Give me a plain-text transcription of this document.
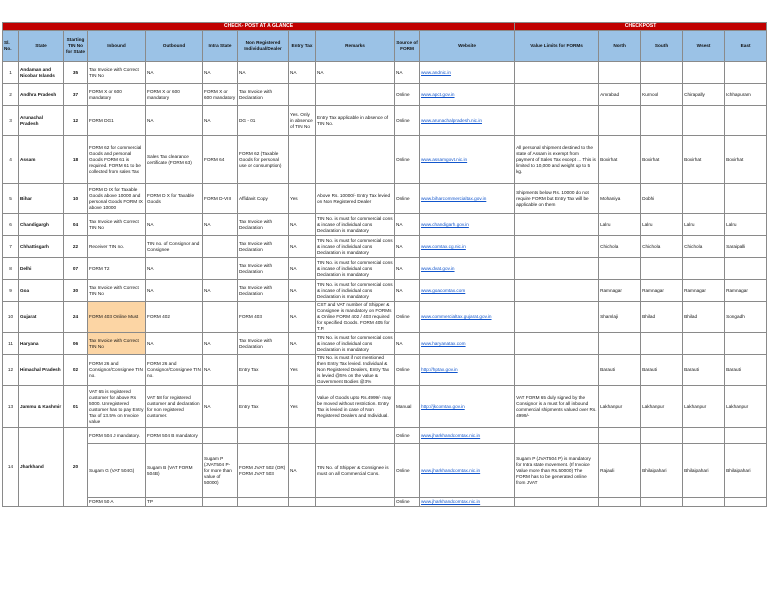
CHECK- POST AT A GLANCE											CHECKPOST				
Sl. No.	State	Starting TIN No for State	Inbound	Outbound	Intra State	Non Registered Individual/Dealer	Entry Tax	Remarks	Source of FORM	Website	Value Limits for FORMs	North	South	Wsest	East
1	Andaman and Nicobar Islands	35	Tax Invoice with Correct TIN No	NA	NA	NA	NA	NA	NA	www.andnic.in					
2	Andhra Pradesh	37	FORM X or 600 mandatory	FORM X or 600 mandatory	FORM X or 600 mandatory	Tax Invoice with Declaration			Online	www.apct.gov.in		Amrabad	Kurnool	Chirapally	Ichhapuram
3	Arunachal Pradesh	12	FORM DG1	NA	NA	DG - 01	Yes. Only in absence of TIN No	Entry Tax applicable in absence of TIN No.	Online	www.arunachalpradesh.nic.in					
4	Assam	18	FORM 62 for commercial Goods and personal Goods FORM 61 is required. FORM 61 to be collected from sales Tax	Sales Tax clearance certificate (FORM 63)	FORM 64	FORM 62 (Taxable Goods for personal use or consumption)			Online	www.assamgovt.nic.in	All personal shipment destined to the state of Assam is exempt from payment of Sales Tax except ... This is limited to 10,000 and weight up to 5 kg.	Boxirhat	Boxirhat	Boxirhat	Boxirhat
5	Bihar	10	FORM D IX for Taxable Goods above 10000 and personal Goods FORM IX above 10000	FORM D X for Taxable Goods	FORM D-VIII	Affidavit Copy	Yes	Above Rs. 10000/- Entry Tax levied on Non Registered Dealer	Online	www.biharcommercialtax.gov.in	Shipments below Rs. 10000 do not require FORM but Entry Tax will be applicable on them	Mohaniya	Dobhi		
6	Chandigargh	04	Tax Invoice with Correct TIN No	NA	NA	Tax Invoice with Declaration	NA	TIN No. is must for commercial cons & incase of individual cons Declaration is mandatory	NA	www.chandigarh.gov.in		Lalru	Lalru	Lalru	Lalru
7	Chhattisgarh	22	Receiver TIN no.	TIN no. of Consignor and Consignee		Tax Invoice with Declaration	NA	TIN No. is must for commercial cons & incase of individual cons Declaration is mandatory	NA	www.comtax.cg.nic.in		Chichola	Chichola	Chichola	Saraipalli
8	Delhi	07	FORM T2	NA		Tax Invoice with Declaration	NA	TIN No. is must for commercial cons & incase of individual cons Declaration is mandatory	NA	www.dvat.gov.in					
9	Goa	30	Tax Invoice with Correct TIN No	NA	NA	Tax Invoice with Declaration	NA	TIN No. is must for commercial cons & incase of individual cons Declaration is mandatory	NA	www.goacomtax.com		Ramnagar	Ramnagar	Ramnagar	Ramnagar
10	Gujarat	24	FORM 403 Online Must	FORM 402		FORM 403	NA	CST and VAT number of Shipper & Consignee is mandatory on FORMs & Online FORM 402 / 403 required for specified Goods. FORM 405 for T.P.	Online	www.commercialtax.gujarat.gov.in		Shamlaji	Bhilad	Bhilad	Songadh
11	Haryana	06	Tax Invoice with Correct TIN No	NA	NA	Tax Invoice with Declaration	NA	TIN No. is must for commercial cons & incase of individual cons Declaration is mandatory	NA	www.haryanatax.com					
12	Himachal Pradesh	02	FORM 26 and Consignor/Consignee TIN no.	FORM 26 and Consignor/Consignee TIN no.	NA	Entry Tax	Yes	TIN No. is must if not mentioned then Entry Tax levied. Individual & Non Registered Dealers, Entry Tax is levied @5% on the value & Government Bodies @3%	Online	http://hptax.gov.in		Barauti	Barauti	Barauti	Barauti
13	Jammu & Kashmir	01	VAT 65 is registered customer for above Rs 5000. Unregistered customer has to pay Entry Tax of 13.5% on Invoice value	VAT 58 for registered customer and declaration for non registered customer.	NA	Entry Tax	Yes	Value of Goods upto Rs.4999/- may be moved without restriction. Entry Tax is levied in case of Non Registered Dealers and Individual.	Manual	http://jkcomtax.gov.in	VAT FORM 65 duly signed by the Consignor is a must for all inbound commercial shipments valued over Rs. 4999/-	Lakhanpur	Lakhanpur	Lakhanpur	Lakhanpur
14	Jharkhand	20	FORM 504 J mandatory.	FORM 504 B mandatory					Online	www.jharkhandcomtax.nic.in					
			Sugam G (VAT 504G)	Sugam B (VAT FORM 504B)	Sugam P (JVAT504 P- for more than value of 50000)	FORM JVAT 502 (OR) FORM JVAT 503	NA	TIN No. of Shipper & Consignee is must on all Commercial Cons.	Online	www.jharkhandcomtax.nic.in	Sugam P (JVAT504 P) is mandatory for Intra state movement. (If Invoice Value more than Rs.50000) The FORM has to be generated online from JVAT	Rajauli	Bhilaipahari	Bhilaipahari	Bhilaipahari
			FORM 50 A	TP					Online	www.jharkhandcomtax.nic.in					
